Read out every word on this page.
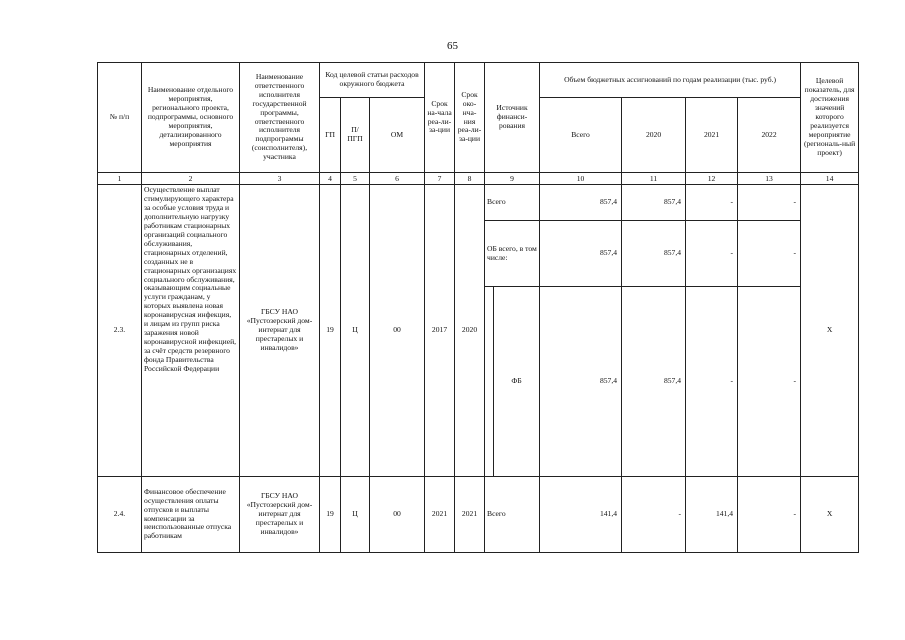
65
№ п/п	Наименование отдельного мероприятия, регионального проекта, подпрограммы, основного мероприятия, детализированного мероприятия	Наименование ответственного исполнителя государственной программы, ответственного исполнителя подпрограммы (соисполнителя), участника	Код целевой статьи расходов окружного бюджета			Срок на-чала реа-ли-за-ции	Срок око-нча-ния реа-ли-за-ции	Источник финанси-рования		Объем бюджетных ассигнований по годам реализации (тыс. руб.)				Целевой показатель, для достижения значений которого реализуется мероприятие (региональ-ный проект)
			ГП	П/ ПГП	ОМ					Всего	2020	2021	2022	
1	2	3	4	5	6	7	8	9		10	11	12	13	14
2.3.	Осуществление выплат стимулирующего характера за особые условия труда и дополнительную нагрузку работникам стационарных организаций социального обслуживания, стационарных отделений, созданных не в стационарных организациях социального обслуживания, оказывающим социальные услуги гражданам, у которых выявлена новая коронавирусная инфекция, и лицам из групп риска заражения новой коронавирусной инфекцией, за счёт средств резервного фонда Правительства Российской Федерации	ГБСУ НАО «Пустозерский дом-интернат для престарелых и инвалидов»	19	Ц	00	2017	2020	Всего		857,4	857,4	-	-	Х
								ОБ всего, в том числе:		857,4	857,4	-	-	
									ФБ	857,4	857,4	-	-	
2.4.	Финансовое обеспечение осуществления оплаты отпусков и выплаты компенсации за неиспользованные отпуска работникам	ГБСУ НАО «Пустозерский дом-интернат для престарелых и инвалидов»	19	Ц	00	2021	2021	Всего		141,4	-	141,4	-	Х
